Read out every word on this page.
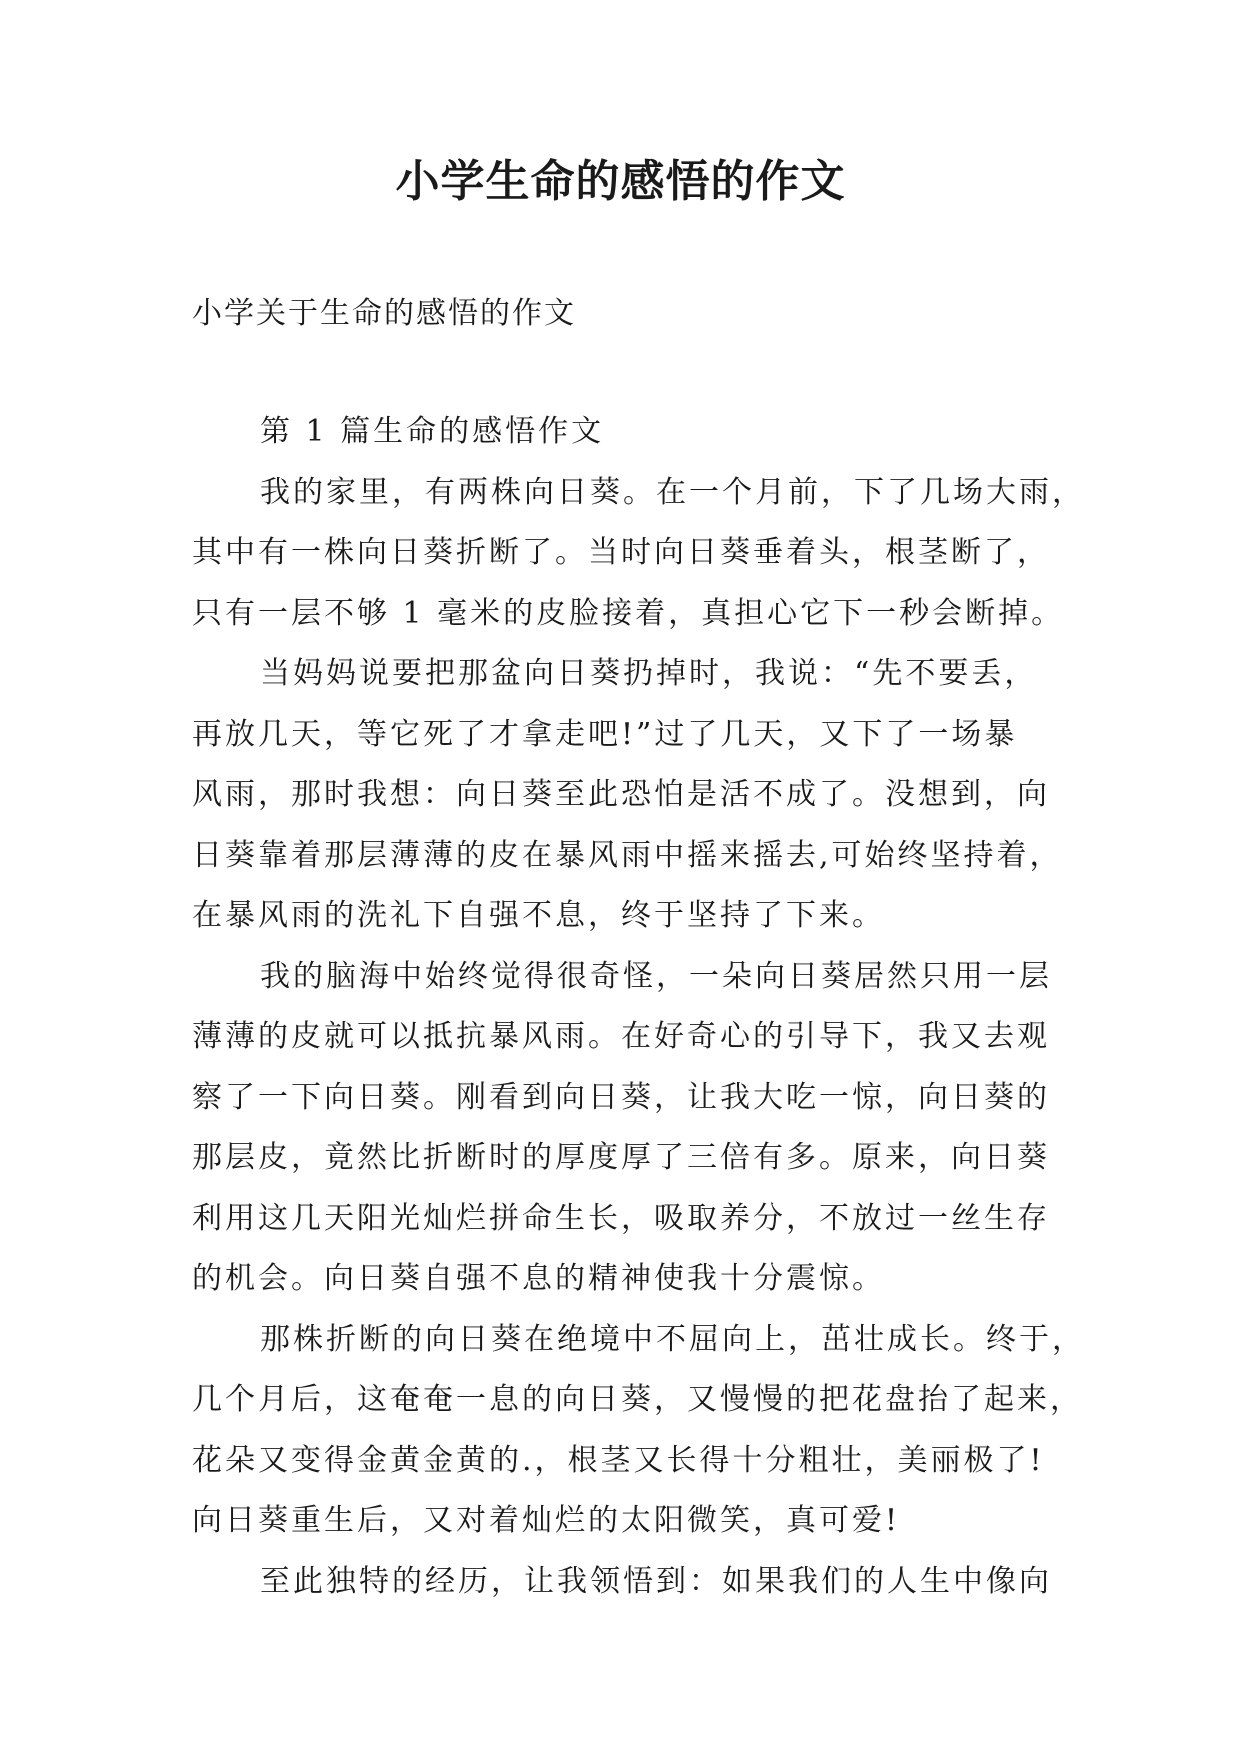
小学生命的感悟的作文

小学关于生命的感悟的作文

第 1 篇生命的感悟作文

我的家里，有两株向日葵。在一个月前，下了几场大雨，
其中有一株向日葵折断了。当时向日葵垂着头，根茎断了，
只有一层不够 1 毫米的皮脸接着，真担心它下一秒会断掉。

当妈妈说要把那盆向日葵扔掉时，我说：“先不要丢，
再放几天，等它死了才拿走吧!”过了几天，又下了一场暴
风雨，那时我想：向日葵至此恐怕是活不成了。没想到，向
日葵靠着那层薄薄的皮在暴风雨中摇来摇去,可始终坚持着，
在暴风雨的洗礼下自强不息，终于坚持了下来。

我的脑海中始终觉得很奇怪，一朵向日葵居然只用一层
薄薄的皮就可以抵抗暴风雨。在好奇心的引导下，我又去观
察了一下向日葵。刚看到向日葵，让我大吃一惊，向日葵的
那层皮，竟然比折断时的厚度厚了三倍有多。原来，向日葵
利用这几天阳光灿烂拼命生长，吸取养分，不放过一丝生存
的机会。向日葵自强不息的精神使我十分震惊。

那株折断的向日葵在绝境中不屈向上，茁壮成长。终于，
几个月后，这奄奄一息的向日葵，又慢慢的把花盘抬了起来，
花朵又变得金黄金黄的.，根茎又长得十分粗壮，美丽极了!
向日葵重生后，又对着灿烂的太阳微笑，真可爱!

至此独特的经历，让我领悟到：如果我们的人生中像向
